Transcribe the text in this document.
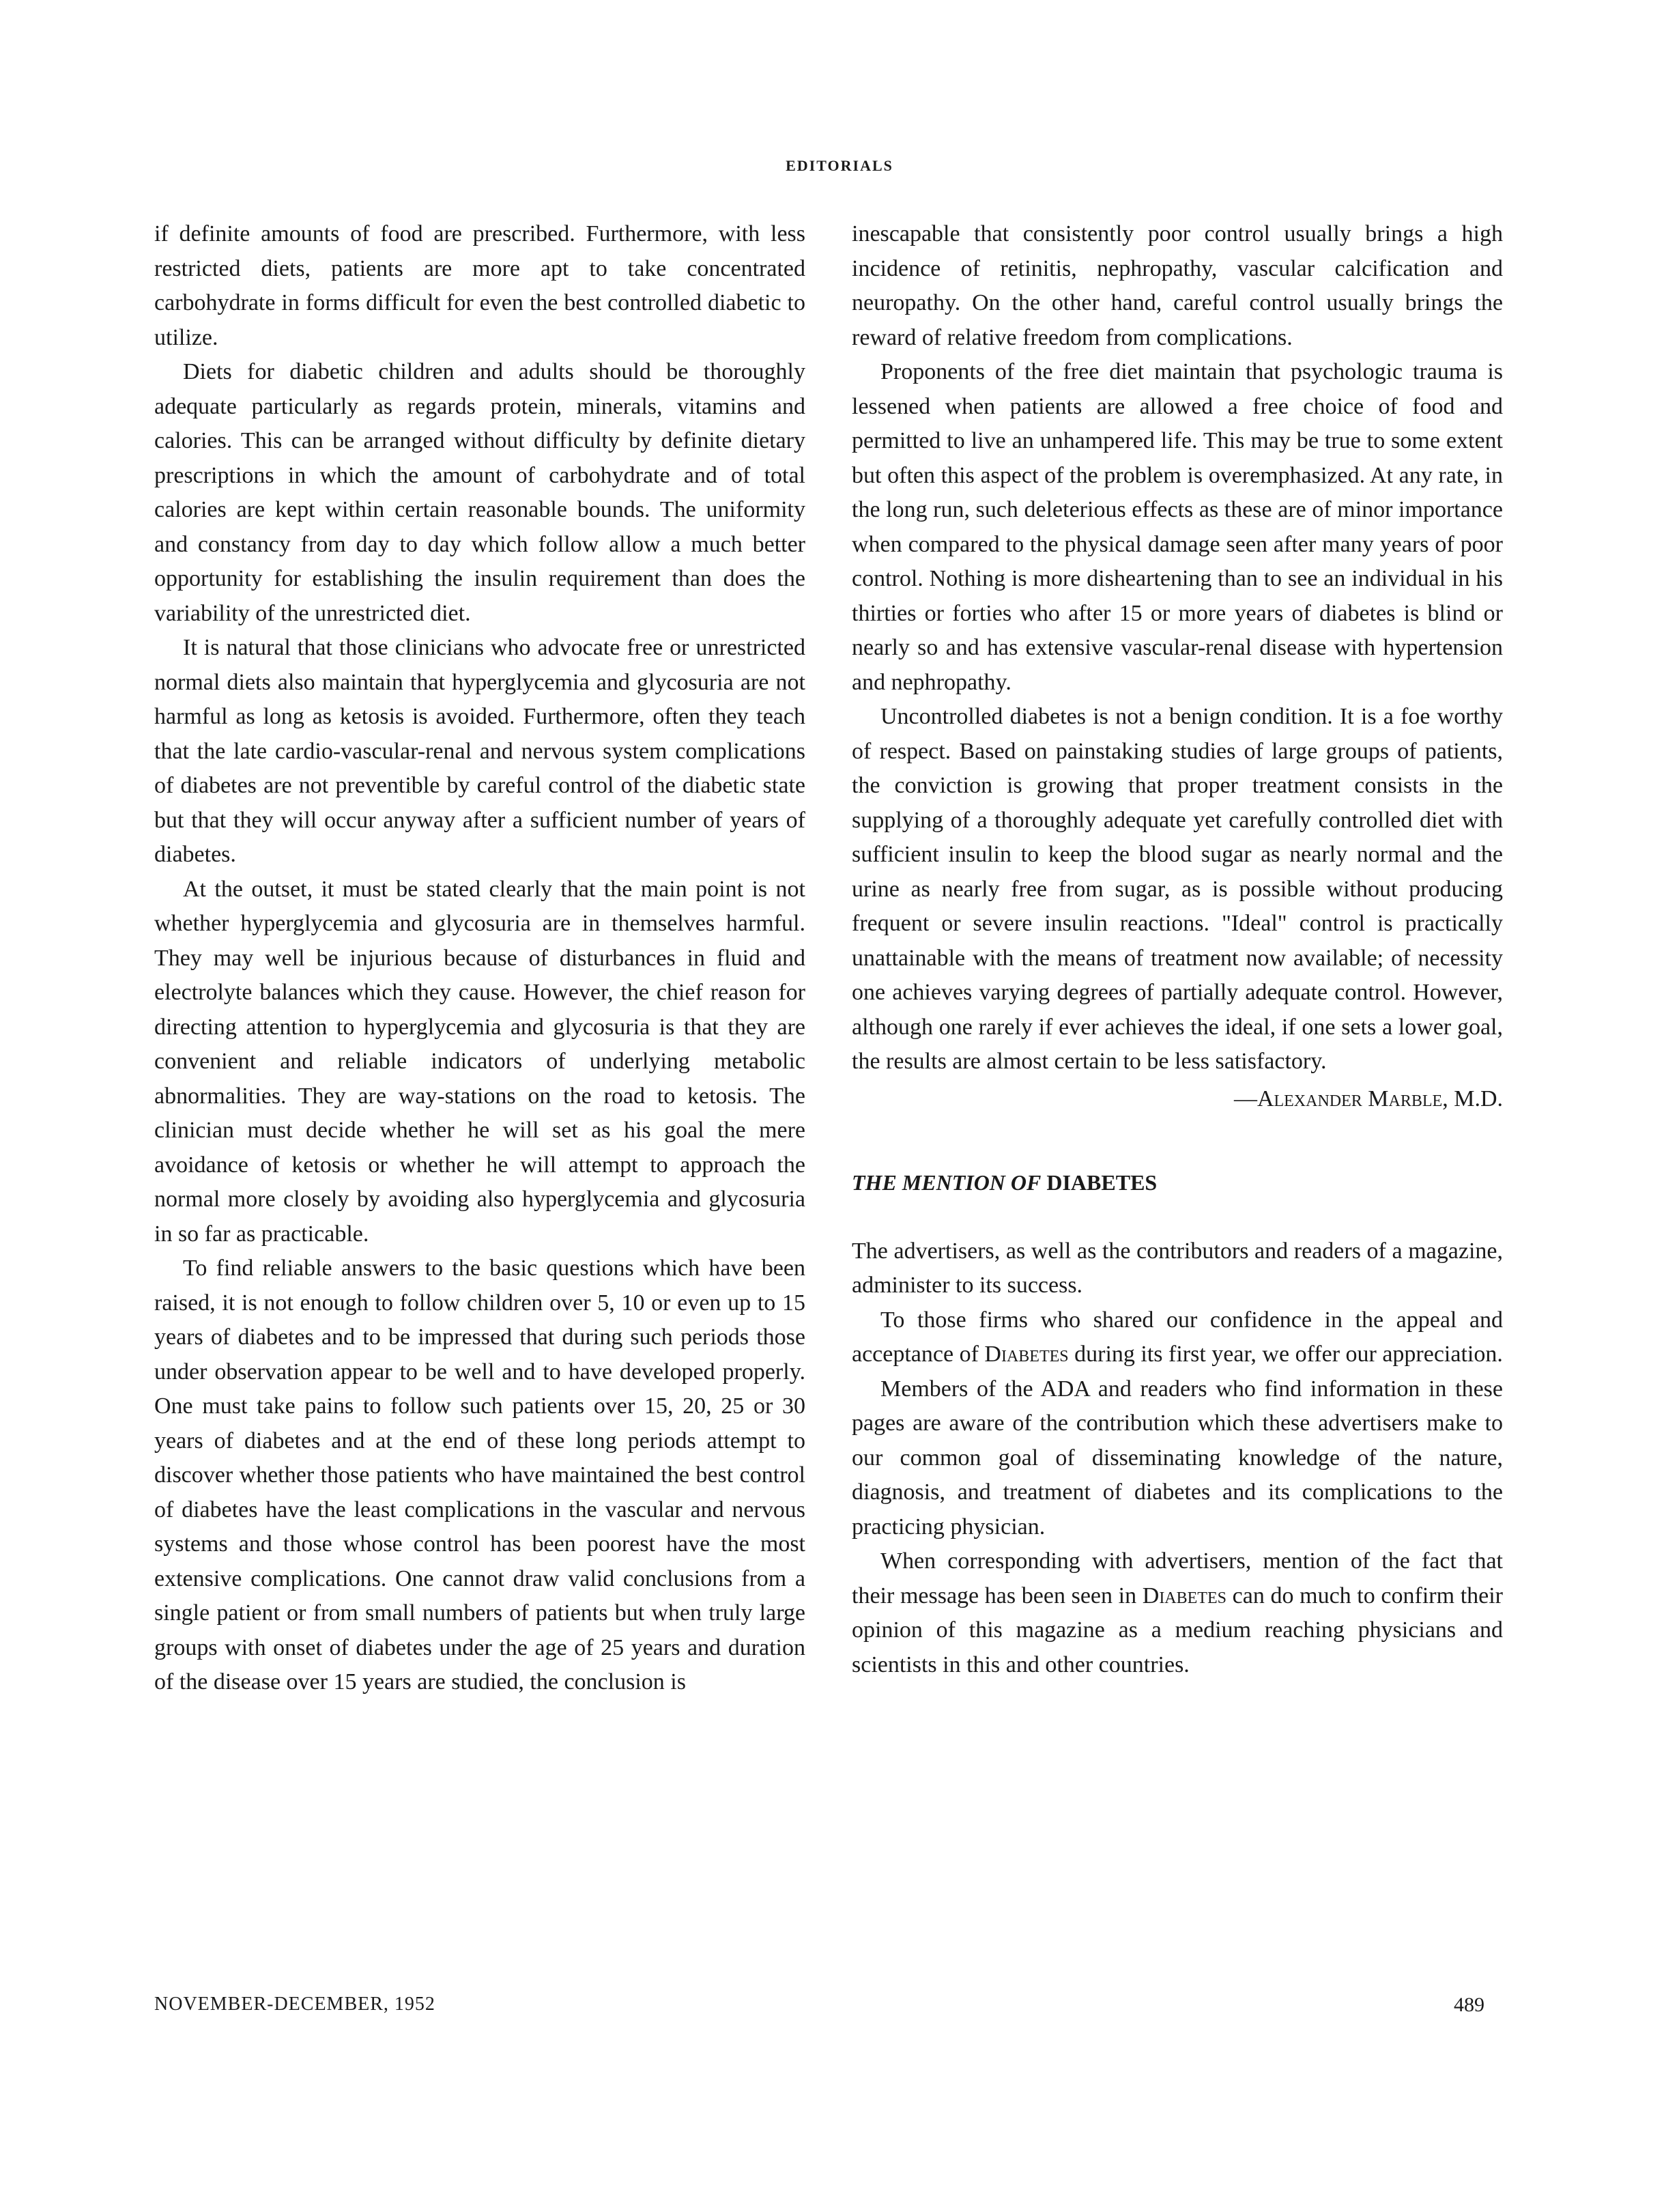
EDITORIALS

if definite amounts of food are prescribed. Furthermore, with less restricted diets, patients are more apt to take concentrated carbohydrate in forms difficult for even the best controlled diabetic to utilize.

Diets for diabetic children and adults should be thoroughly adequate particularly as regards protein, minerals, vitamins and calories. This can be arranged without difficulty by definite dietary prescriptions in which the amount of carbohydrate and of total calories are kept within certain reasonable bounds. The uniformity and constancy from day to day which follow allow a much better opportunity for establishing the insulin requirement than does the variability of the unrestricted diet.

It is natural that those clinicians who advocate free or unrestricted normal diets also maintain that hyperglycemia and glycosuria are not harmful as long as ketosis is avoided. Furthermore, often they teach that the late cardio-vascular-renal and nervous system complications of diabetes are not preventible by careful control of the diabetic state but that they will occur anyway after a sufficient number of years of diabetes.

At the outset, it must be stated clearly that the main point is not whether hyperglycemia and glycosuria are in themselves harmful. They may well be injurious because of disturbances in fluid and electrolyte balances which they cause. However, the chief reason for directing attention to hyperglycemia and glycosuria is that they are convenient and reliable indicators of underlying metabolic abnormalities. They are way-stations on the road to ketosis. The clinician must decide whether he will set as his goal the mere avoidance of ketosis or whether he will attempt to approach the normal more closely by avoiding also hyperglycemia and glycosuria in so far as practicable.

To find reliable answers to the basic questions which have been raised, it is not enough to follow children over 5, 10 or even up to 15 years of diabetes and to be impressed that during such periods those under observation appear to be well and to have developed properly. One must take pains to follow such patients over 15, 20, 25 or 30 years of diabetes and at the end of these long periods attempt to discover whether those patients who have maintained the best control of diabetes have the least complications in the vascular and nervous systems and those whose control has been poorest have the most extensive complications. One cannot draw valid conclusions from a single patient or from small numbers of patients but when truly large groups with onset of diabetes under the age of 25 years and duration of the disease over 15 years are studied, the conclusion is

inescapable that consistently poor control usually brings a high incidence of retinitis, nephropathy, vascular calcification and neuropathy. On the other hand, careful control usually brings the reward of relative freedom from complications.

Proponents of the free diet maintain that psychologic trauma is lessened when patients are allowed a free choice of food and permitted to live an unhampered life. This may be true to some extent but often this aspect of the problem is overemphasized. At any rate, in the long run, such deleterious effects as these are of minor importance when compared to the physical damage seen after many years of poor control. Nothing is more disheartening than to see an individual in his thirties or forties who after 15 or more years of diabetes is blind or nearly so and has extensive vascular-renal disease with hypertension and nephropathy.

Uncontrolled diabetes is not a benign condition. It is a foe worthy of respect. Based on painstaking studies of large groups of patients, the conviction is growing that proper treatment consists in the supplying of a thoroughly adequate yet carefully controlled diet with sufficient insulin to keep the blood sugar as nearly normal and the urine as nearly free from sugar, as is possible without producing frequent or severe insulin reactions. "Ideal" control is practically unattainable with the means of treatment now available; of necessity one achieves varying degrees of partially adequate control. However, although one rarely if ever achieves the ideal, if one sets a lower goal, the results are almost certain to be less satisfactory.

—Alexander Marble, M.D.
THE MENTION OF DIABETES

The advertisers, as well as the contributors and readers of a magazine, administer to its success.

To those firms who shared our confidence in the appeal and acceptance of Diabetes during its first year, we offer our appreciation.

Members of the ADA and readers who find information in these pages are aware of the contribution which these advertisers make to our common goal of disseminating knowledge of the nature, diagnosis, and treatment of diabetes and its complications to the practicing physician.

When corresponding with advertisers, mention of the fact that their message has been seen in Diabetes can do much to confirm their opinion of this magazine as a medium reaching physicians and scientists in this and other countries.

NOVEMBER-DECEMBER, 1952	489
